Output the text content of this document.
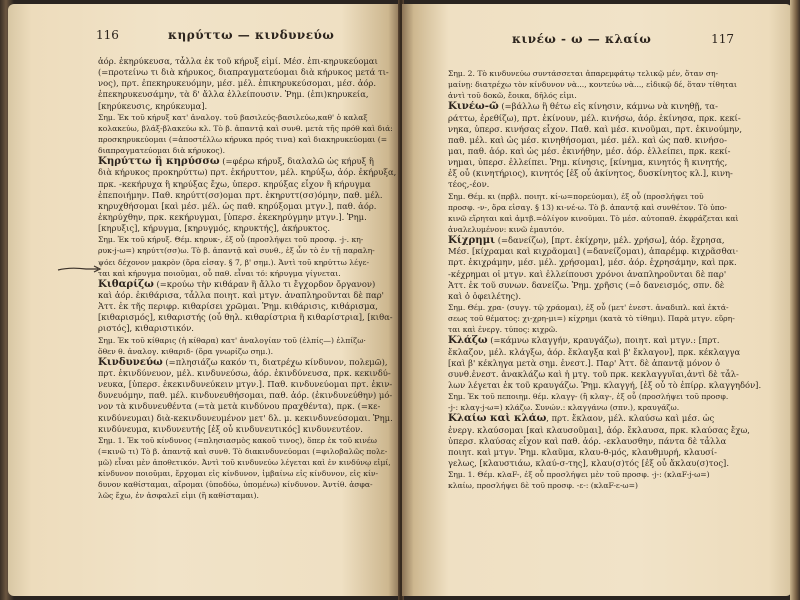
116	κηρύττω — κινδυνεύω
ἀόρ. ἐκηρύκευσα, τἆλλα ἐκ τοῦ κήρυξ εἰμί. Μέσ. ἐπι-κηρυκεύομαι
(=προτείνω τι διὰ κήρυκος, διαπραγματεύομαι διὰ κήρυκος μετά τι-
νος), πρτ. ἐπεκηρυκευόμην, μέσ. μέλ. ἐπικηρυκεύσομαι, μέσ. ἀόρ.
ἐπεκηρυκευσάμην, τὰ δ' ἄλλα ἐλλείπουσιν. Ῥημ. (ἐπι)κηρυκεία,
[κηρύκευσις, κηρύκευμα].
Σημ. Ἐκ τοῦ κήρυξ κατ' ἀναλογ. τοῦ βασιλεύς-βασιλεύω,καθ' ὁ καλαξ
κολακεύω, βλάξ-βλακεύω κλ. Τὸ β. ἀπαντᾷ καὶ συνθ. μετὰ τῆς πρόθ καὶ διά:
προσκηρυκεύομαι (=ἀποστέλλω κήρυκα πρός τινα) καὶ διακηρυκεύομαι (=
διαπραγματεύομαι διὰ κήρυκος).
Κηρύττω ἢ κηρύσσω (=φέρω κήρυξ, διαλαλῶ ὡς κήρυξ ἢ
διὰ κήρυκος προκηρύττω) πρτ. ἐκήρυττον, μέλ. κηρύξω, ἀόρ. ἐκήρυξα,
πρκ. -κεκήρυχα ἢ κηρύξας ἔχω, ὑπερσ. κηρύξας εἶχον ἢ κήρυγμα
ἐπεποιήμην. Παθ. κηρύττ(σσ)ομαι πρτ. ἐκηρυττ(σσ)όμην, παθ. μέλ.
κηρυχθήσομαι [καὶ μέσ. μέλ. ὡς παθ. κηρύξομαι μτγν.], παθ. ἀόρ.
ἐκηρύχθην, πρκ. κεκήρυγμαι, [ὑπερσ. ἐκεκηρύγμην μτγν.]. Ῥημ.
[κηρυξις], κήρυγμα, [κηρυγμός, κηρυκτής], ἀκήρυκτος.
Σημ. Ἐκ τοῦ κήρυξ. Θέμ. κηρυκ-, ἐξ οὗ (προσλήψει τοῦ προσφ. -j-. κη-
ρυκ-j-ω=) κηρύττ(σσ)ω. Τὸ β. ἀπαντᾷ καὶ συνθ., ἐξ ὧν τὸ ἐν τῇ παραλη-
ψόει δέχονον μακρὸν (ὅρα εἰσαγ. § 7, β' σημ.). Ἀντὶ τοῦ κηρύττω λέγε-
ται καὶ κήρυγμα ποιοῦμαι, οὗ παθ. εἶναι τό: κήρυγμα γίγνεται.
Κιθαρίζω (=κρούω τὴν κιθάραν ἢ ἄλλο τι ἔγχορδον ὄργανον)
καὶ ἀόρ. ἐκιθάρισα, τἆλλα ποιητ. καὶ μτγν. ἀναπληροῦνται δὲ παρ'
Ἀττ. ἐκ τῆς περιφρ. κιθαρίσει χρῶμαι. Ῥημ. κιθάρισις, κιθάρισμα,
[κιθαρισμός], κιθαριστής (οὗ θηλ. κιθαρίστρια ἢ κιθαρίστρια], [κιθα-
ριστός], κιθαριστικόν.
Σημ. Ἐκ τοῦ κίθαρις (ἡ κίθαρα) κατ' ἀναλογίαν τοῦ (ἐλπίς—) ἐλπίζω·
ὅθεν θ. ἀναλογ. κιθαριδ- (ὅρα γνωρίζω σημ.).
Κινδυνεύω (=πλησιάζω κακόν τι, διατρέχω κίνδυνον, πολεμῶ),
πρτ. ἐκινδύνευον, μέλ. κινδυνεύσω, ἀόρ. ἐκινδύνευσα, πρκ. κεκινδύ-
νευκα, [ὑπερσ. ἐκεκινδυνεύκειν μτγν.]. Παθ. κινδυνεύομαι πρτ. ἐκιν-
δυνευόμην, παθ. μέλ. κινδυνευθήσομαι, παθ. ἀόρ. (ἐκινδυνεύθην) μό-
νον τὰ κινδυνευθέντα (=τὰ μετὰ κινδύνου πραχθέντα), πρκ. (=κε-
κινδύνευμαι) διὰ-κεκινδυνευμένον μετ' δλ. μ. κεκινδυνεύσομαι. Ῥημ.
κινδύνευμα, κινδυνευτής [ἐξ οὗ κινδυνευτικός] κινδυνευτέον.
Σημ. 1. Ἐκ τοῦ κίνδυνος (=πλησιασμὸς κακοῦ τινος), ὅπερ ἐκ τοῦ κινέω
(=κινῶ τι) Τὸ β. ἀπαντᾷ καὶ συνθ. Τὸ διακινδυνεύομαι (=φιλοβαλῶς πολε-
μῶ) εἶναι μὲν ἀποθετικόν. Ἀντὶ τοῦ κινδυνεύω λέγεται καὶ ἐν κινδύνῳ εἰμί,
κίνδυνον ποιοῦμαι, ἔρχομαι εἰς κίνδυνον, ἱμβαίνω εἰς κίνδυνον, εἰς κίν-
δυνον καθίσταμαι, αἴρομαι (ὑποδύω, ὑπομένω) κίνδυνον. Ἀντίθ. ἀσφα-
λῶς ἔχω, ἐν ἀσφαλεῖ εἰμι (ἢ καθίσταμαι).
κινέω - ω — κλαίω	117
Σημ. 2. Τὸ κινδυνεύω συντάσσεται ἀπαρεμφάτῳ τελικῷ μέν, ὅταν ση-
μαίνῃ: διατρέχω τὸν κίνδυνον νὰ..., κοντεύω νὰ..., εἰδικῷ δέ, ὅταν τίθηται
ἀντὶ τοῦ δοκῶ, ἔοικα, δῆλός εἰμι.
Κινέω-ῶ (=βάλλω ἢ θέτω εἰς κίνησιν, κάμνω νὰ κινηθῇ, τα-
ράττω, ἐρεθίζω), πρτ. ἐκίνουν, μέλ. κινήσω, ἀόρ. ἐκίνησα, πρκ. κεκί-
νηκα, ὑπερσ. κινήσας εἶχον. Παθ. καὶ μέσ. κινοῦμαι, πρτ. ἐκινούμην,
παθ. μέλ. καὶ ὡς μέσ. κινηθήσομαι, μέσ. μέλ. καὶ ὡς παθ. κινήσο-
μαι, παθ. ἀόρ. καὶ ὡς μέσ. ἐκινήθην, μέσ. ἀόρ. ἐλλείπει, πρκ. κεκί-
νημαι, ὑπερσ. ἐλλείπει. Ῥημ. κίνησις, [κίνημα, κινητός ἢ κινητής,
ἐξ οὗ (κινητήριος), κινητός [ἐξ οὗ ἀκίνητος, δυσκίνητος κλ.], κινη-
τέος,-έον.
Σημ. Θέμ. κι (πρβλ. ποιητ. κί-ω=πορεύομαι), ἐξ οὗ (προσλήψει τοῦ
προσφ. -ν-, ὅρα εἰσαγ. § 13) κι-νέ-ω. Τὸ β. ἀπαντᾷ καὶ συνθέτον. Τὸ ὑπο-
κινῶ εἴρηται καὶ ἀμτβ.=ὀλίγον κινοῦμαι. Τὸ μέσ. αὐτοπαθ. ἐκφράζεται καὶ
ἀναλελυμένον: κινῶ ἐμαυτόν.
Κίχρημι (=δανείζω), [πρτ. ἐκίχρην, μέλ. χρήσω], ἀόρ. ἔχρησα,
Μέσ. [κίχραμαι καὶ κιχρᾶομαι] (=δανείζομαι), ἀπαρέμφ. κιχρᾶσθαι·
πρτ. ἐκιχράμην, μέσ. μέλ. χρήσομαι], μέσ. ἀόρ. ἐχρησάμην, καὶ πρκ.
-κέχρημαι οἱ μτγν. καὶ ἐλλείπουσι χρόνοι ἀναπληροῦνται δὲ παρ'
Ἀττ. ἐκ τοῦ συνων. δανείζω. Ῥημ. χρῆσις (=ὁ δανεισμός, σπν. δὲ
καὶ ὁ ὀφειλέτης).
Σημ. Θέμ. χρα- (συγγ. τῷ χράομαι), ἐξ οὗ (μετ' ἐνεστ. ἀναδιπλ. καὶ ἐκτά-
σεως τοῦ θέματος: χι-χρη-μι=) κίχρημι (κατὰ τὸ τίθημι). Παρὰ μτγν. εὕρη-
ται καὶ ἐνεργ. τύπος: κιχρῶ.
Κλάζω (=κάμνω κλαγγήν, κραυγάζω), ποιητ. καὶ μτγν.: [πρτ.
ἔκλαζον, μέλ. κλάγξω, ἀόρ. ἔκλαγξα καὶ β' ἔκλαγον], πρκ. κέκλαγγα
[καὶ β' κέκληγα μετὰ σημ. ἐνεστ.]. Παρ' Ἀττ. δὲ ἀπαντᾷ μόνον ὁ
συνθ.ἐνεστ. ἀνακλάζω καὶ ἡ μτγ. τοῦ πρκ. κεκλαγγυῖαι,ἀντὶ δὲ τἆλ-
λων λέγεται ἐκ τοῦ κραυγάζω. Ῥημ. κλαγγή, [ἐξ οὗ τὸ ἐπίρρ. κλαγγηδόν].
Σημ. Ἐκ τοῦ πεποιημ. θέμ. κλαγγ- (ἢ κλαγ-, ἐξ οὗ (προσλήψει τοῦ προσφ.
-j-: κλαγ-j-ω=) κλάζω. Συνών.: κλαγγάνω (σπν.), κραυγάζω.
Κλαίω καὶ κλάω, πρτ. ἔκλαον, μέλ. κλαύσω καὶ μέσ. ὡς
ἐνεργ. κλαύσομαι [καὶ κλαυσοῦμαι], ἀόρ. ἔκλαυσα, πρκ. κλαύσας ἔχω,
ὑπερσ. κλαύσας εἶχον καὶ παθ. ἀόρ. -εκλαυσθην, πάντα δὲ τἆλλα
ποιητ. καὶ μτγν. Ῥημ. κλαῦμα, κλαυ-θ-μός, κλαυθμυρή, κλαυσί-
γελως, [κλαυστιάω, κλαύ-σ-της], κλαυ(σ)τός [ἐξ οὗ ἄκλαυ(σ)τος].
Σημ. 1. Θέμ. κλαF-, ἐξ οὗ προσλήψει μὲν τοῦ προσφ. -j-: (κλαF-j-ω=)
κλαίω, προσλήψει δὲ τοῦ προσφ. -ε-: (κλαF-ε-ω=)
